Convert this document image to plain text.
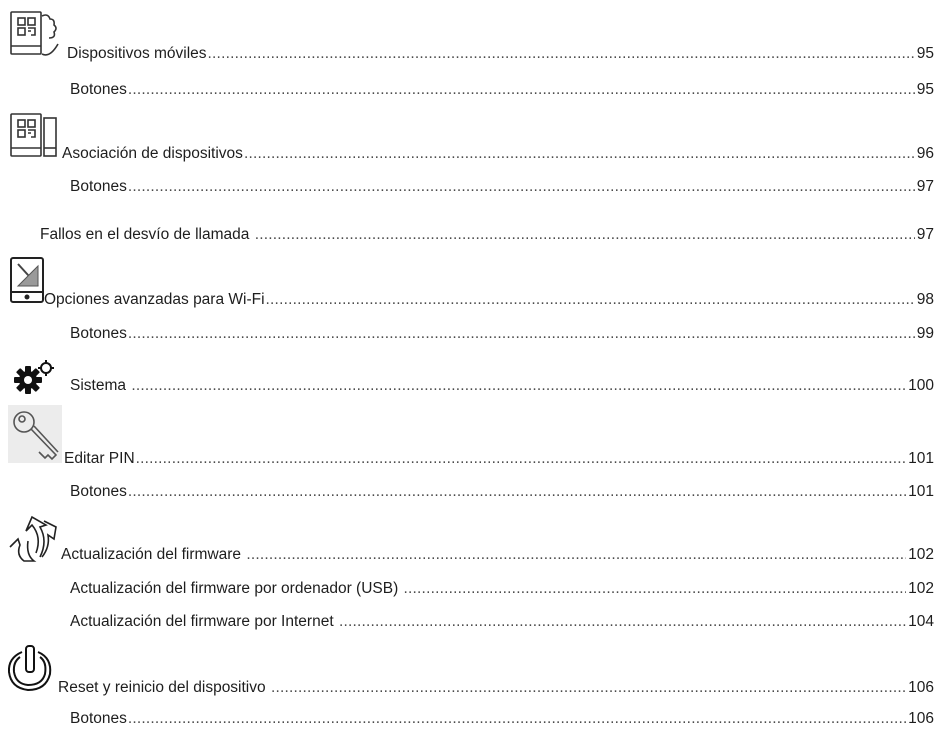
Dispositivos móviles .....	95
Botones .....	95
Asociación de dispositivos .....	96
Botones .....	97
Fallos en el desvío de llamada .....	97
Opciones avanzadas para Wi-Fi .....	98
Botones .....	99
Sistema .....	100
Editar PIN .....	101
Botones .....	101
Actualización del firmware .....	102
Actualización del firmware por ordenador (USB) .....	102
Actualización del firmware por Internet .....	104
Reset y reinicio del dispositivo .....	106
Botones .....	106
